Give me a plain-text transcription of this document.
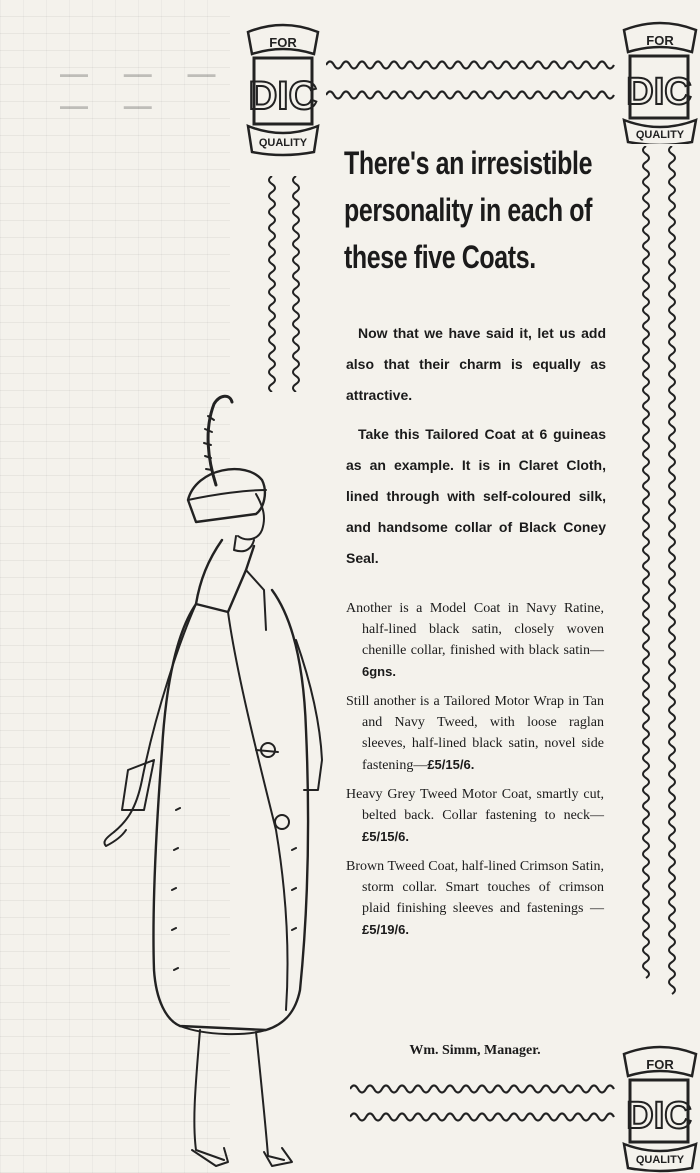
— — — — —
FOR
DIC
QUALITY
FOR
DIC
QUALITY
FOR
DIC
QUALITY
There's an irresistible
personality in each of
these five Coats.

Now that we have said it, let us add also that their charm is equally as attractive.

Take this Tailored Coat at 6 guineas as an example. It is in Claret Cloth, lined through with self-coloured silk, and handsome collar of Black Coney Seal.

Another is a Model Coat in Navy Ratine, half-lined black satin, closely woven chenille collar, finished with black satin—6gns.

Still another is a Tailored Motor Wrap in Tan and Navy Tweed, with loose raglan sleeves, half-lined black satin, novel side fastening—£5/15/6.

Heavy Grey Tweed Motor Coat, smartly cut, belted back. Collar fastening to neck—£5/15/6.

Brown Tweed Coat, half-lined Crimson Satin, storm collar. Smart touches of crimson plaid finishing sleeves and fastenings —£5/19/6.

Wm. Simm, Manager.
